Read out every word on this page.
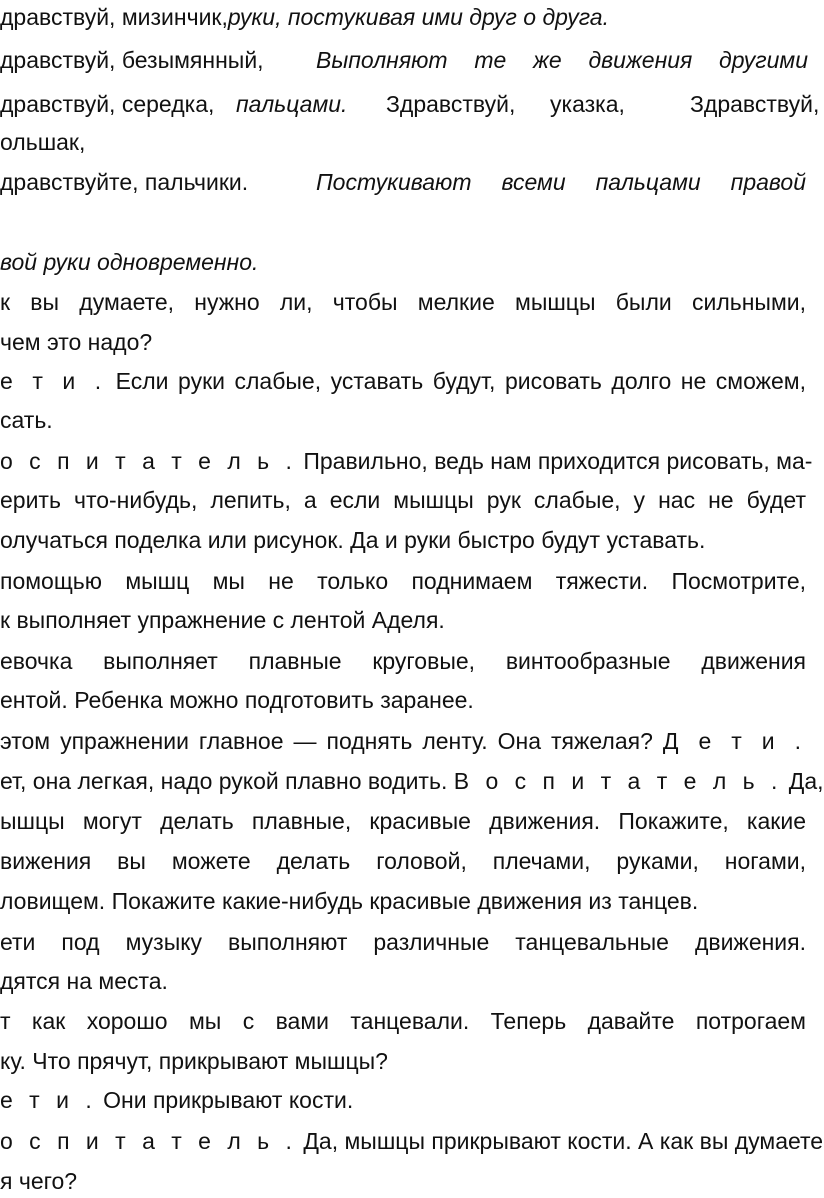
дравствуй, мизинчик,руки, постукивая ими друг о друга.
дравствуй, безымянный, Выполняют те же движения другими
дравствуй, середка, пальцами. Здравствуй, указка,	Здравствуй,
ольшак,
дравствуйте, пальчики.	Постукивают всеми пальцами правой
вой руки одновременно.
к вы думаете, нужно ли, чтобы мелкие мышцы были сильными,
чем это надо?
е т и . Если руки слабые, уставать будут, рисовать долго не сможем,
сать.
о с п и т а т е л ь . Правильно, ведь нам приходится рисовать, ма-
ерить что-нибудь, лепить, а если мышцы рук слабые, у нас не будет
олучаться поделка или рисунок. Да и руки быстро будут уставать.
помощью мышц мы не только поднимаем тяжести. Посмотрите,
к выполняет упражнение с лентой Аделя.
евочка выполняет плавные круговые, винтообразные движения
ентой. Ребенка можно подготовить заранее.
этом упражнении главное — поднять ленту. Она тяжелая? Д е т и .
ет, она легкая, надо рукой плавно водить. В о с п и т а т е л ь . Да,
ышцы могут делать плавные, красивые движения. Покажите, какие
вижения вы можете делать головой, плечами, руками, ногами,
ловищем. Покажите какие-нибудь красивые движения из танцев.
ети под музыку выполняют различные танцевальные движения.
дятся на места.
т как хорошо мы с вами танцевали. Теперь давайте потрогаем
ку. Что прячут, прикрывают мышцы?
е т и . Они прикрывают кости.
о с п и т а т е л ь . Да, мышцы прикрывают кости. А как вы думаете
я чего?
